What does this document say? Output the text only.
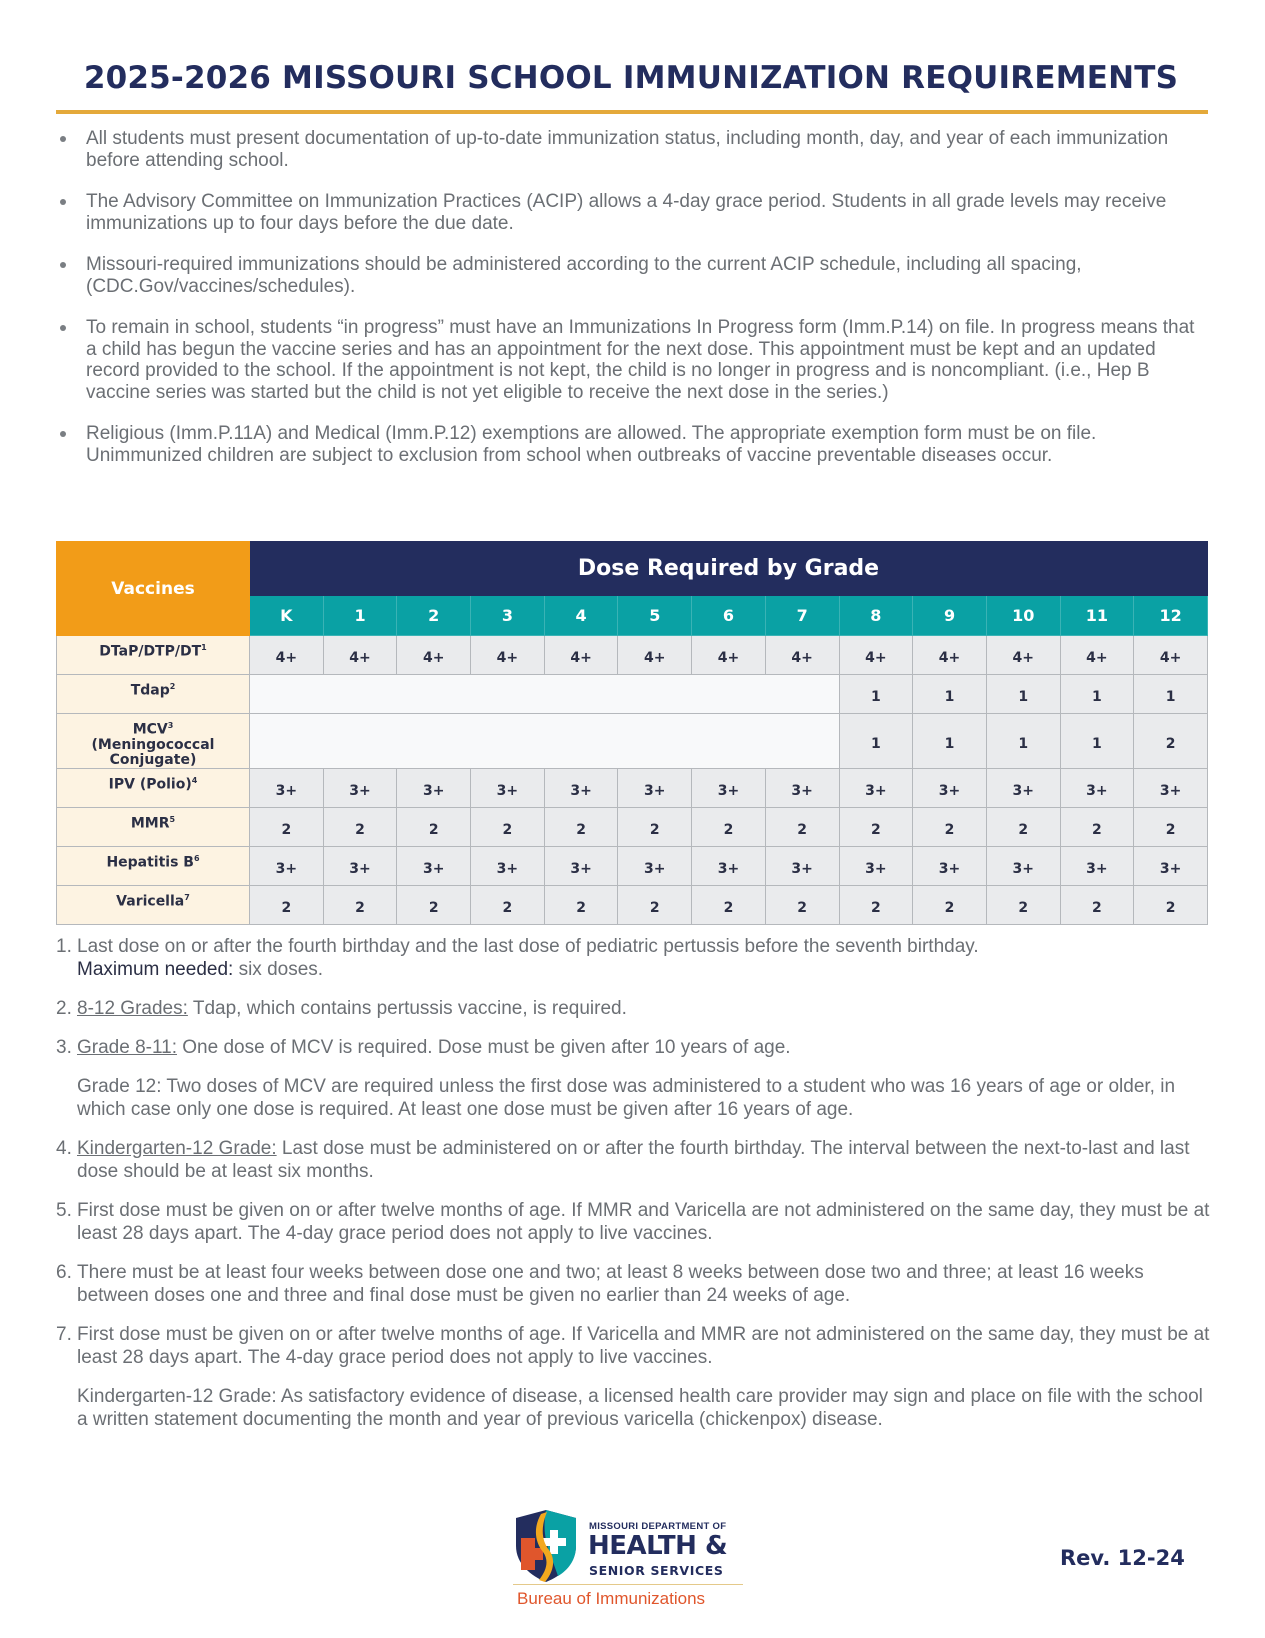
2025-2026 MISSOURI SCHOOL IMMUNIZATION REQUIREMENTS
All students must present documentation of up-to-date immunization status, including month, day, and year of each immunization before attending school.
The Advisory Committee on Immunization Practices (ACIP) allows a 4-day grace period. Students in all grade levels may receive immunizations up to four days before the due date.
Missouri-required immunizations should be administered according to the current ACIP schedule, including all spacing, (CDC.Gov/vaccines/schedules).
To remain in school, students “in progress” must have an Immunizations In Progress form (Imm.P.14) on file. In progress means that a child has begun the vaccine series and has an appointment for the next dose. This appointment must be kept and an updated record provided to the school. If the appointment is not kept, the child is no longer in progress and is noncompliant. (i.e., Hep B vaccine series was started but the child is not yet eligible to receive the next dose in the series.)
Religious (Imm.P.11A) and Medical (Imm.P.12) exemptions are allowed. The appropriate exemption form must be on file. Unimmunized children are subject to exclusion from school when outbreaks of vaccine preventable diseases occur.
Vaccines	Dose Required by Grade												
	K	1	2	3	4	5	6	7	8	9	10	11	12
DTaP/$DTP/DT^1$	4+	4+	4+	4+	4+	4+	4+	4+	4+	4+	4+	4+	4+
Tdap$^2$									1	1	1	1	1
MCV$^3$
(Meningococcal
Conjugate)									1	1	1	1	2
IPV (Polio)$^4$	3+	3+	3+	3+	3+	3+	3+	3+	3+	3+	3+	3+	3+
$MMR^5$	2	2	2	2	2	2	2	2	2	2	2	2	2
Hepatitis $B^6$	3+	3+	3+	3+	3+	3+	3+	3+	3+	3+	3+	3+	3+
Varicella$^7$	2	2	2	2	2	2	2	2	2	2	2	2	2
1. Last dose on or after the fourth birthday and the last dose of pediatric pertussis before the seventh birthday.
Maximum needed: six doses.
2. 8-12 Grades: Tdap, which contains pertussis vaccine, is required.
3. Grade 8-11: One dose of MCV is required. Dose must be given after 10 years of age.
Grade 12: Two doses of MCV are required unless the first dose was administered to a student who was 16 years of age or older, in which case only one dose is required. At least one dose must be given after 16 years of age.
4. Kindergarten-12 Grade: Last dose must be administered on or after the fourth birthday. The interval between the next-to-last and last dose should be at least six months.
5. First dose must be given on or after twelve months of age. If MMR and Varicella are not administered on the same day, they must be at least 28 days apart. The 4-day grace period does not apply to live vaccines.
6. There must be at least four weeks between dose one and two; at least 8 weeks between dose two and three; at least 16 weeks between doses one and three and final dose must be given no earlier than 24 weeks of age.
7. First dose must be given on or after twelve months of age. If Varicella and MMR are not administered on the same day, they must be at least 28 days apart. The 4-day grace period does not apply to live vaccines.
Kindergarten-12 Grade: As satisfactory evidence of disease, a licensed health care provider may sign and place on file with the school a written statement documenting the month and year of previous varicella (chickenpox) disease.
MISSOURI DEPARTMENT OF
HEALTH &
SENIOR SERVICES
Bureau of Immunizations
Rev. 12-24
